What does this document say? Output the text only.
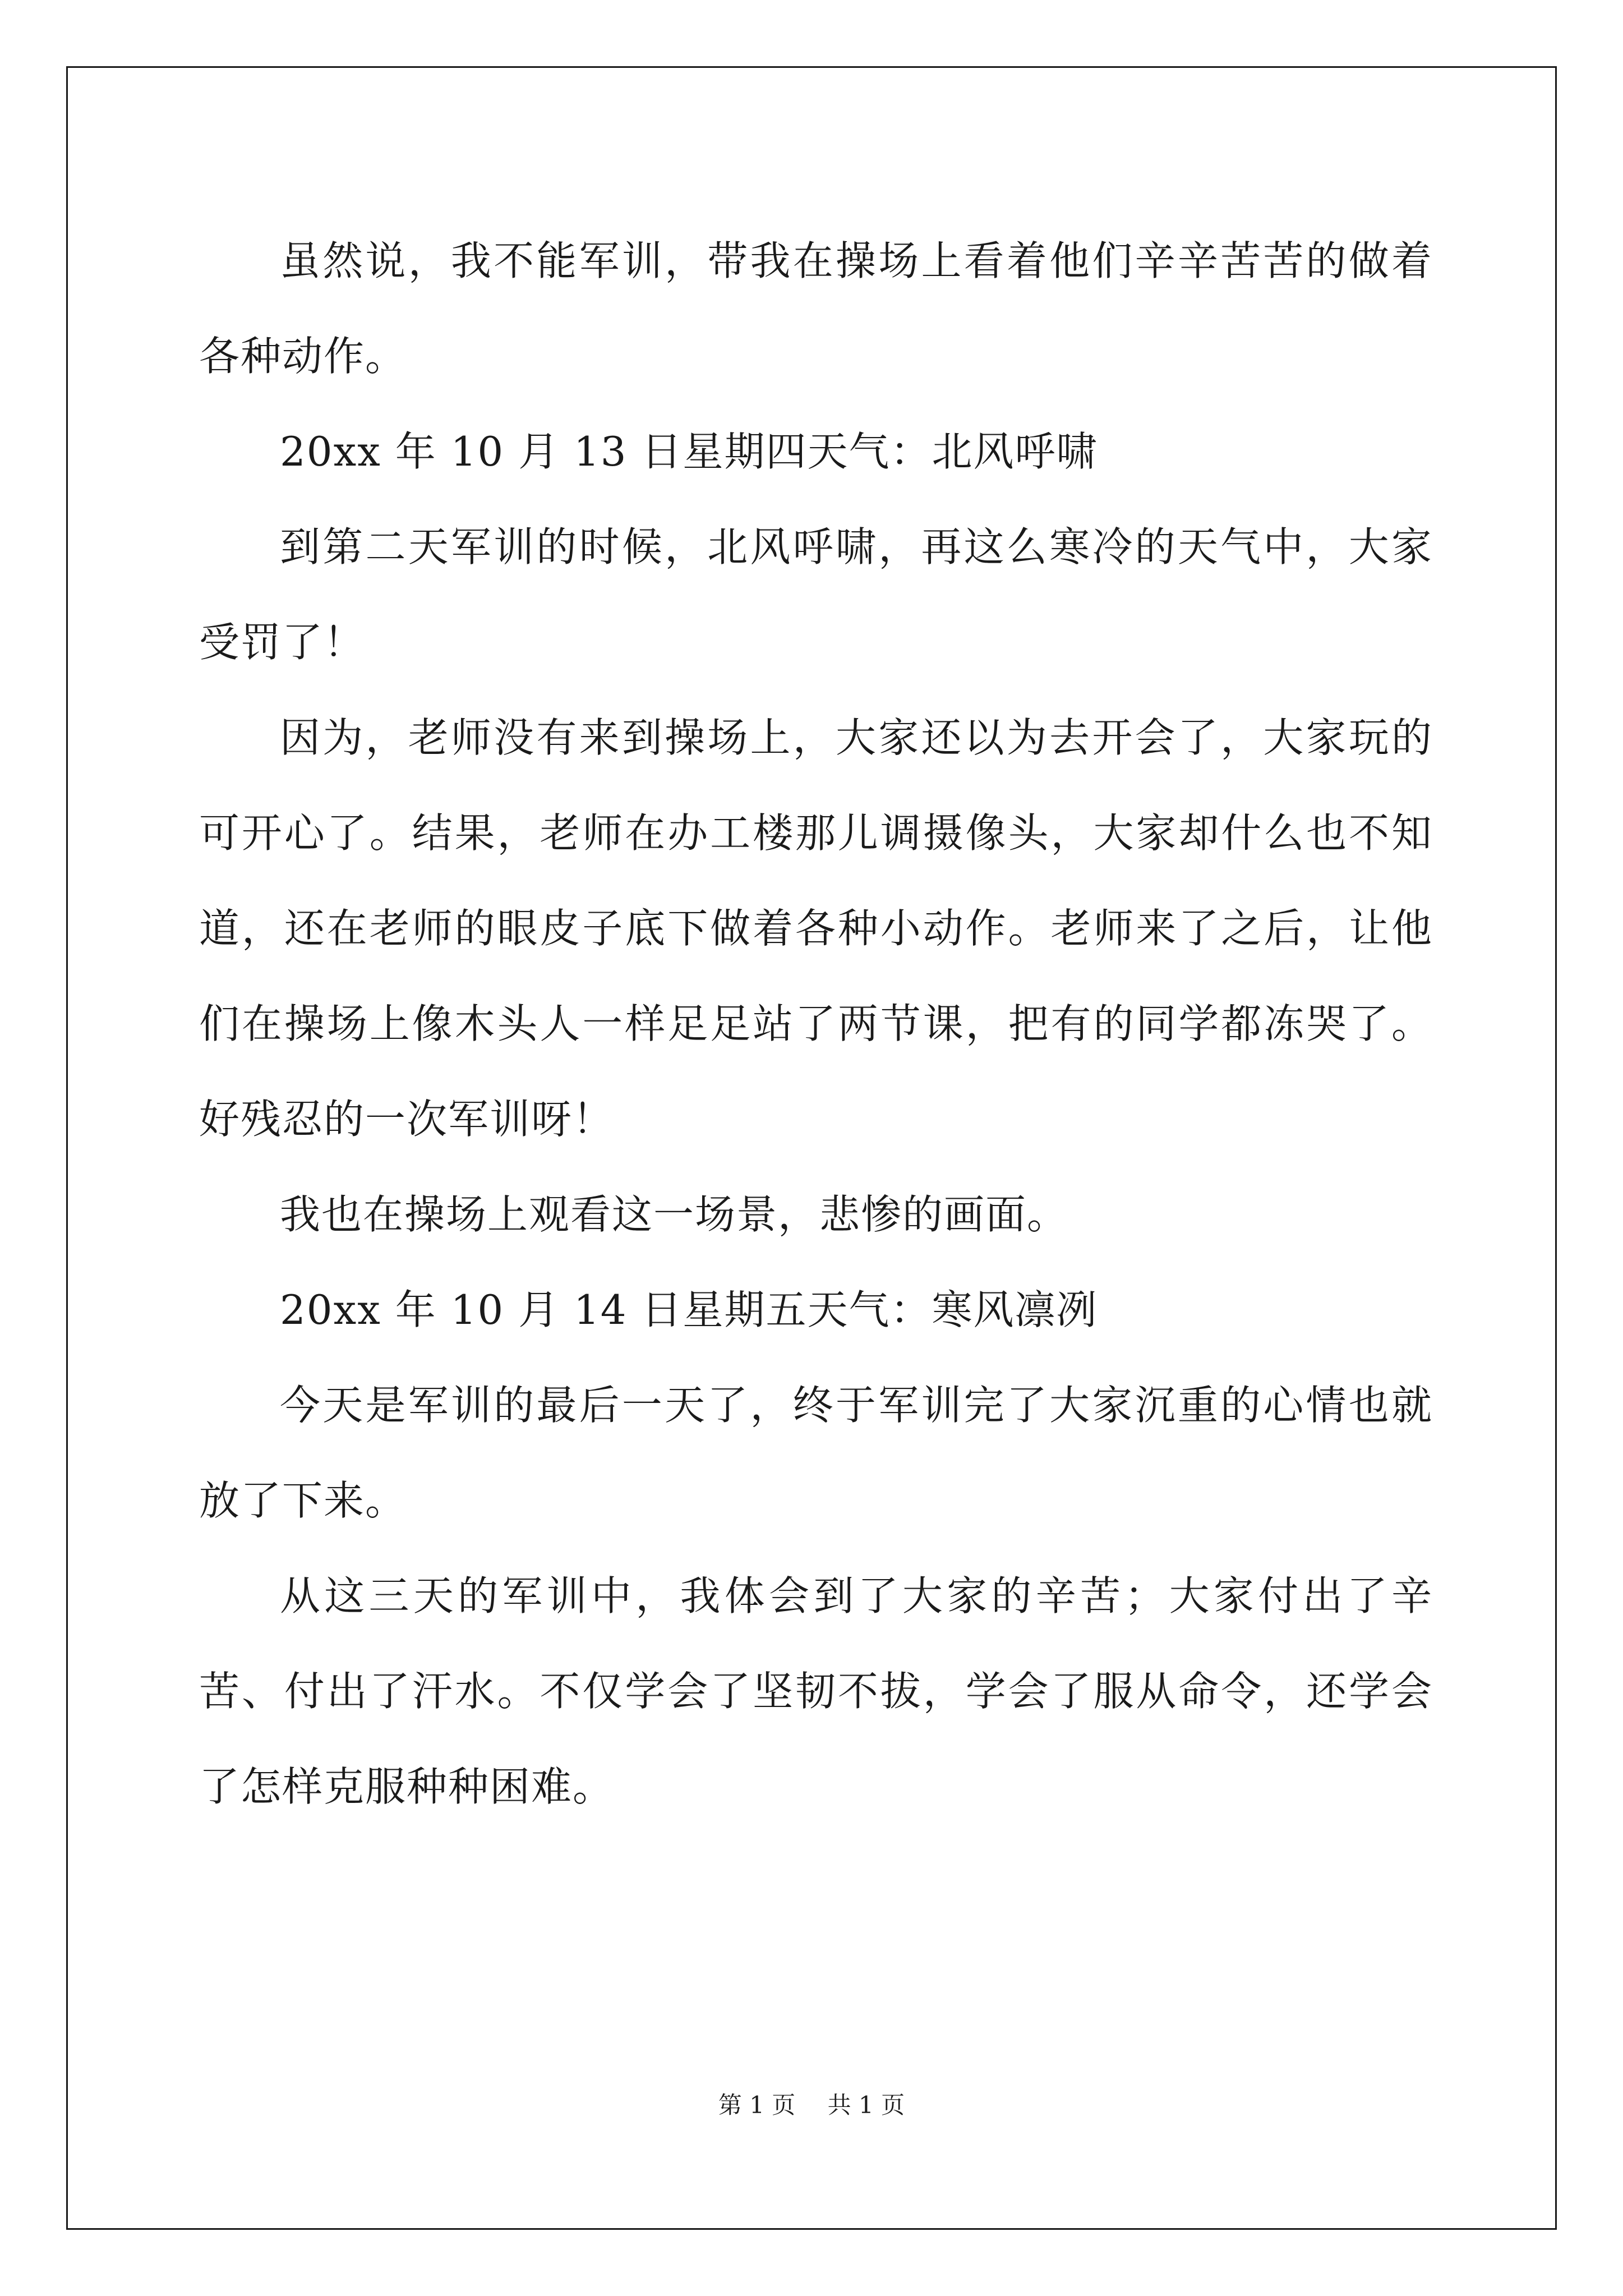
虽然说，我不能军训，带我在操场上看着他们辛辛苦苦的做着各种动作。

20xx 年 10 月 13 日星期四天气：北风呼啸

到第二天军训的时候，北风呼啸，再这么寒冷的天气中，大家受罚了！

因为，老师没有来到操场上，大家还以为去开会了，大家玩的可开心了。结果，老师在办工楼那儿调摄像头，大家却什么也不知道，还在老师的眼皮子底下做着各种小动作。老师来了之后，让他们在操场上像木头人一样足足站了两节课，把有的同学都冻哭了。好残忍的一次军训呀！

我也在操场上观看这一场景，悲惨的画面。

20xx 年 10 月 14 日星期五天气：寒风凛冽

今天是军训的最后一天了，终于军训完了大家沉重的心情也就放了下来。

从这三天的军训中，我体会到了大家的辛苦；大家付出了辛苦、付出了汗水。不仅学会了坚韧不拔，学会了服从命令，还学会了怎样克服种种困难。

第 1 页 共 1 页
